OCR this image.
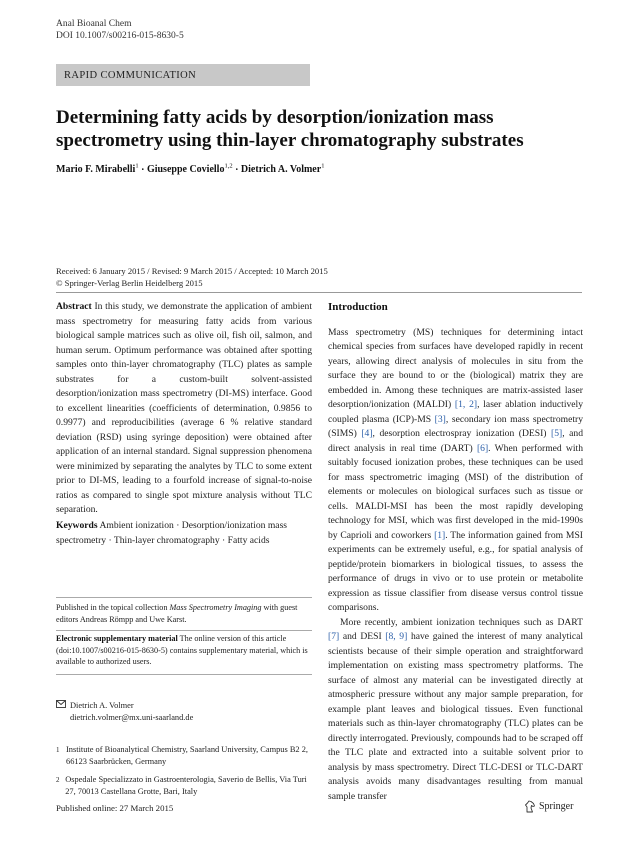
Anal Bioanal Chem
DOI 10.1007/s00216-015-8630-5
RAPID COMMUNICATION
Determining fatty acids by desorption/ionization mass spectrometry using thin-layer chromatography substrates
Mario F. Mirabelli$^1$ · Giuseppe Coviello$^{1,2}$ · Dietrich A. Volmer$^1$
Received: 6 January 2015 / Revised: 9 March 2015 / Accepted: 10 March 2015
© Springer-Verlag Berlin Heidelberg 2015
Abstract In this study, we demonstrate the application of ambient mass spectrometry for measuring fatty acids from various biological sample matrices such as olive oil, fish oil, salmon, and human serum. Optimum performance was obtained after spotting samples onto thin-layer chromatography (TLC) plates as sample substrates for a custom-built solvent-assisted desorption/ionization mass spectrometry (DI-MS) interface. Good to excellent linearities (coefficients of determination, 0.9856 to 0.9977) and reproducibilities (average 6 % relative standard deviation (RSD) using syringe deposition) were obtained after application of an internal standard. Signal suppression phenomena were minimized by separating the analytes by TLC to some extent prior to DI-MS, leading to a fourfold increase of signal-to-noise ratios as compared to single spot mixture analysis without TLC separation.
Keywords Ambient ionization · Desorption/ionization mass spectrometry · Thin-layer chromatography · Fatty acids
Published in the topical collection Mass Spectrometry Imaging with guest editors Andreas Römpp and Uwe Karst.
Electronic supplementary material The online version of this article (doi:10.1007/s00216-015-8630-5) contains supplementary material, which is available to authorized users.
Dietrich A. Volmer
dietrich.volmer@mx.uni-saarland.de
1 Institute of Bioanalytical Chemistry, Saarland University, Campus B2 2, 66123 Saarbrücken, Germany
2 Ospedale Specializzato in Gastroenterologia, Saverio de Bellis, Via Turi 27, 70013 Castellana Grotte, Bari, Italy
Introduction

Mass spectrometry (MS) techniques for determining intact chemical species from surfaces have developed rapidly in recent years, allowing direct analysis of molecules in situ from the surface they are bound to or the (biological) matrix they are embedded in. Among these techniques are matrix-assisted laser desorption/ionization (MALDI) [1, 2], laser ablation inductively coupled plasma (ICP)-MS [3], secondary ion mass spectrometry (SIMS) [4], desorption electrospray ionization (DESI) [5], and direct analysis in real time (DART) [6]. When performed with suitably focused ionization probes, these techniques can be used for mass spectrometric imaging (MSI) of the distribution of elements or molecules on biological surfaces such as tissue or cells. MALDI-MSI has been the most rapidly developing technology for MSI, which was first developed in the mid-1990s by Caprioli and coworkers [1]. The information gained from MSI experiments can be extremely useful, e.g., for spatial analysis of peptide/protein biomarkers in biological tissues, to assess the performance of drugs in vivo or to use protein or metabolite expression as tissue classifier from disease versus control tissue comparisons.

More recently, ambient ionization techniques such as DART [7] and DESI [8, 9] have gained the interest of many analytical scientists because of their simple operation and straightforward implementation on existing mass spectrometry platforms. The surface of almost any material can be investigated directly at atmospheric pressure without any major sample preparation, for example plant leaves and biological tissues. Even functional materials such as thin-layer chromatography (TLC) plates can be directly interrogated. Previously, compounds had to be scraped off the TLC plate and extracted into a suitable solvent prior to analysis by mass spectrometry. Direct TLC-DESI or TLC-DART analysis avoids many disadvantages resulting from manual sample transfer

Published online: 27 March 2015	Springer
